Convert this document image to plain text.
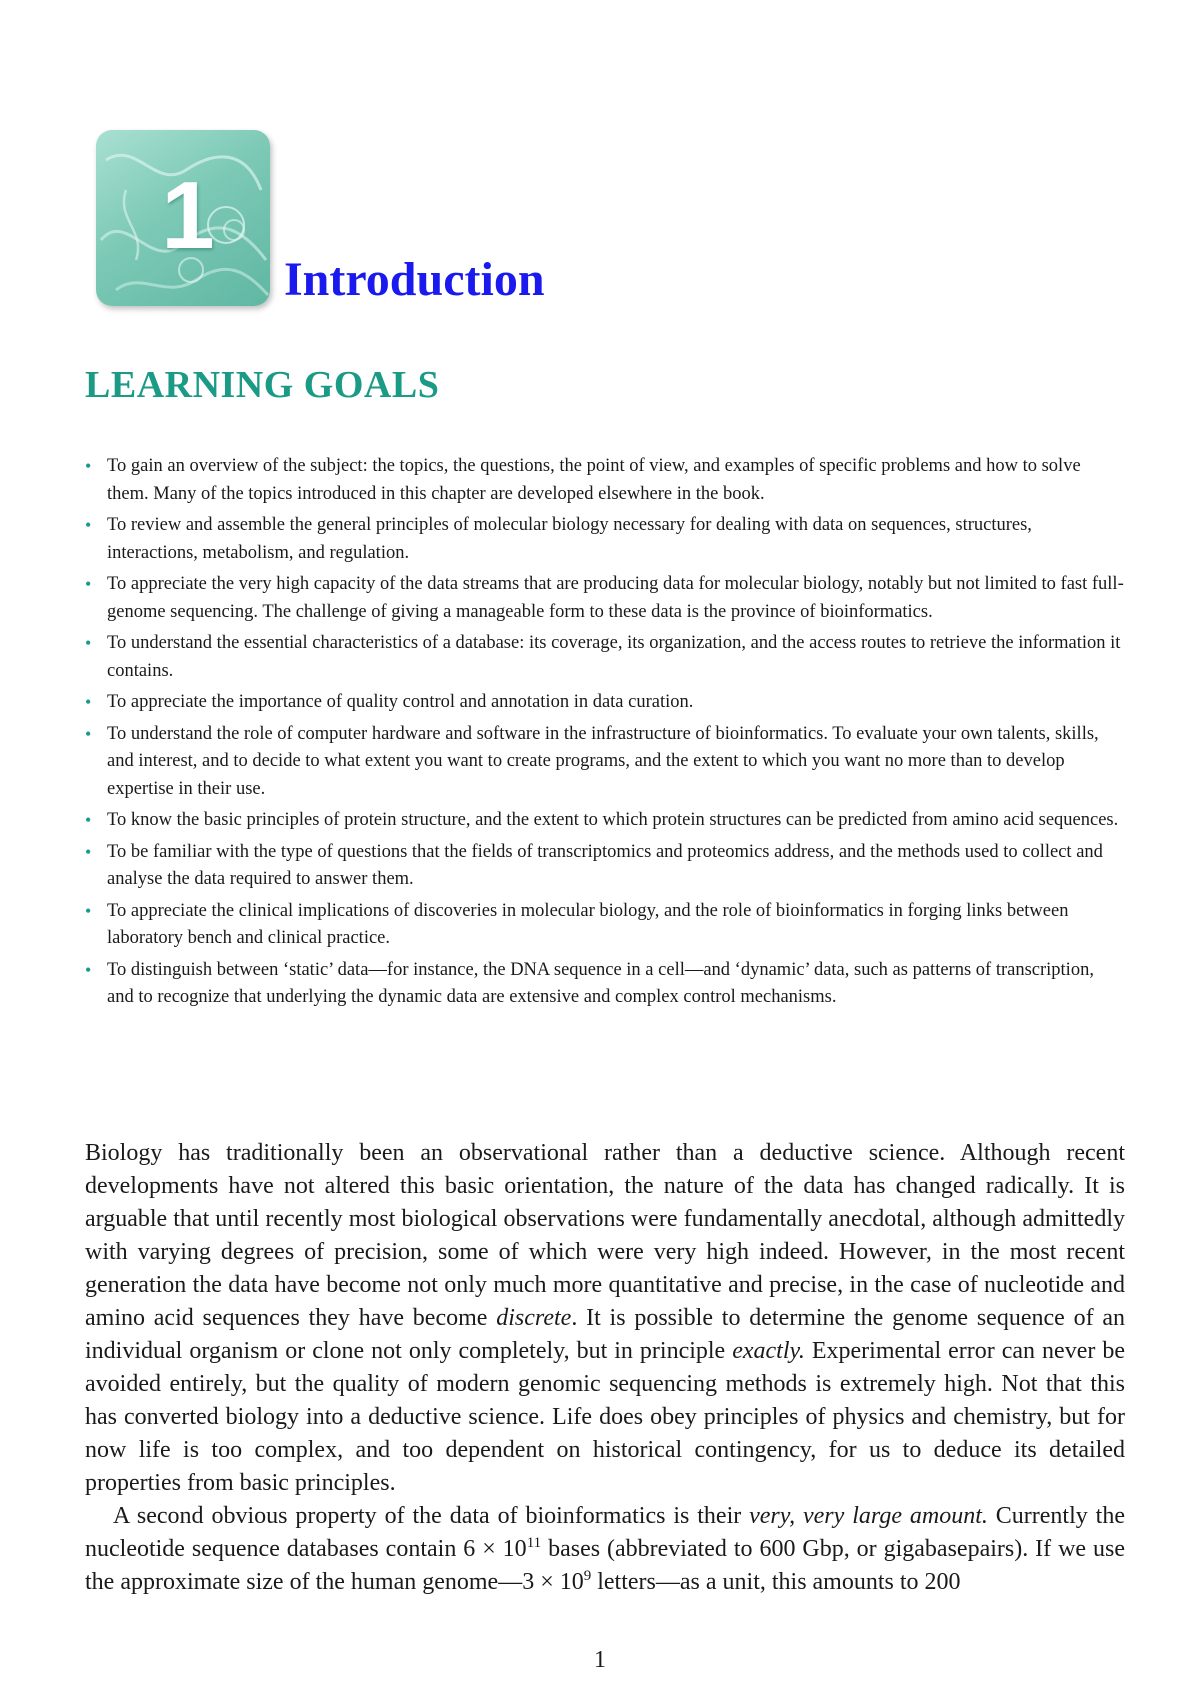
1
Introduction
LEARNING GOALS
• To gain an overview of the subject: the topics, the questions, the point of view, and examples of specific problems and how to solve them. Many of the topics introduced in this chapter are developed elsewhere in the book.
• To review and assemble the general principles of molecular biology necessary for dealing with data on sequences, structures, interactions, metabolism, and regulation.
• To appreciate the very high capacity of the data streams that are producing data for molecular biology, notably but not limited to fast full-genome sequencing. The challenge of giving a manageable form to these data is the province of bioinformatics.
• To understand the essential characteristics of a database: its coverage, its organization, and the access routes to retrieve the information it contains.
• To appreciate the importance of quality control and annotation in data curation.
• To understand the role of computer hardware and software in the infrastructure of bioinformatics. To evaluate your own talents, skills, and interest, and to decide to what extent you want to create programs, and the extent to which you want no more than to develop expertise in their use.
• To know the basic principles of protein structure, and the extent to which protein structures can be predicted from amino acid sequences.
• To be familiar with the type of questions that the fields of transcriptomics and proteomics address, and the methods used to collect and analyse the data required to answer them.
• To appreciate the clinical implications of discoveries in molecular biology, and the role of bioinformatics in forging links between laboratory bench and clinical practice.
• To distinguish between ‘static’ data—for instance, the DNA sequence in a cell—and ‘dynamic’ data, such as patterns of transcription, and to recognize that underlying the dynamic data are extensive and complex control mechanisms.

Biology has traditionally been an observational rather than a deductive science. Although recent developments have not altered this basic orientation, the nature of the data has changed radically. It is arguable that until recently most biological observations were fundamentally anecdotal, although admittedly with varying degrees of precision, some of which were very high indeed. However, in the most recent generation the data have become not only much more quantitative and precise, in the case of nucleotide and amino acid sequences they have become discrete. It is possible to determine the genome sequence of an individual organism or clone not only completely, but in principle exactly. Experimental error can never be avoided entirely, but the quality of modern genomic sequencing methods is extremely high. Not that this has converted biology into a deductive science. Life does obey principles of physics and chemistry, but for now life is too complex, and too dependent on historical contingency, for us to deduce its detailed properties from basic principles.

A second obvious property of the data of bioinformatics is their very, very large amount. Currently the nucleotide sequence databases contain $6 \times 10^{11}$ bases (abbreviated to 600 Gbp, or gigabasepairs). If we use the approximate size of the human genome—3 × $10^9$ letters—as a unit, this amounts to 200

1
